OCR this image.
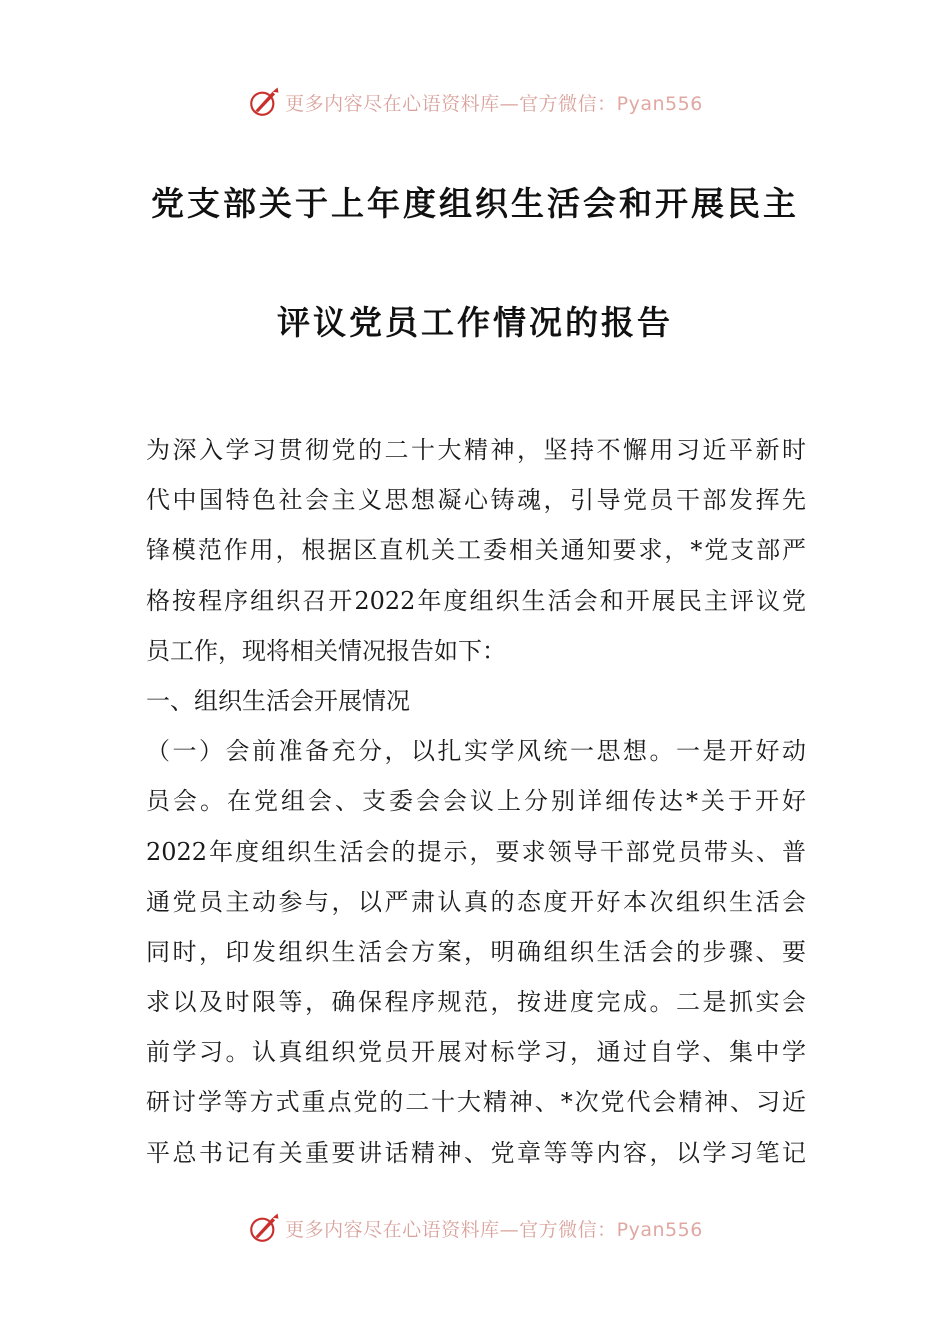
更多内容尽在心语资料库—官方微信：Pyan556
党支部关于上年度组织生活会和开展民主
评议党员工作情况的报告
为深入学习贯彻党的二十大精神，坚持不懈用习近平新时
代中国特色社会主义思想凝心铸魂，引导党员干部发挥先
锋模范作用，根据区直机关工委相关通知要求，*党支部严
格按程序组织召开2022年度组织生活会和开展民主评议党
员工作，现将相关情况报告如下：
一、组织生活会开展情况
（一）会前准备充分，以扎实学风统一思想。一是开好动
员会。在党组会、支委会会议上分别详细传达*关于开好
2022年度组织生活会的提示，要求领导干部党员带头、普
通党员主动参与，以严肃认真的态度开好本次组织生活会
同时，印发组织生活会方案，明确组织生活会的步骤、要
求以及时限等，确保程序规范，按进度完成。二是抓实会
前学习。认真组织党员开展对标学习，通过自学、集中学
研讨学等方式重点党的二十大精神、*次党代会精神、习近
平总书记有关重要讲话精神、党章等等内容，以学习笔记
更多内容尽在心语资料库—官方微信：Pyan556
